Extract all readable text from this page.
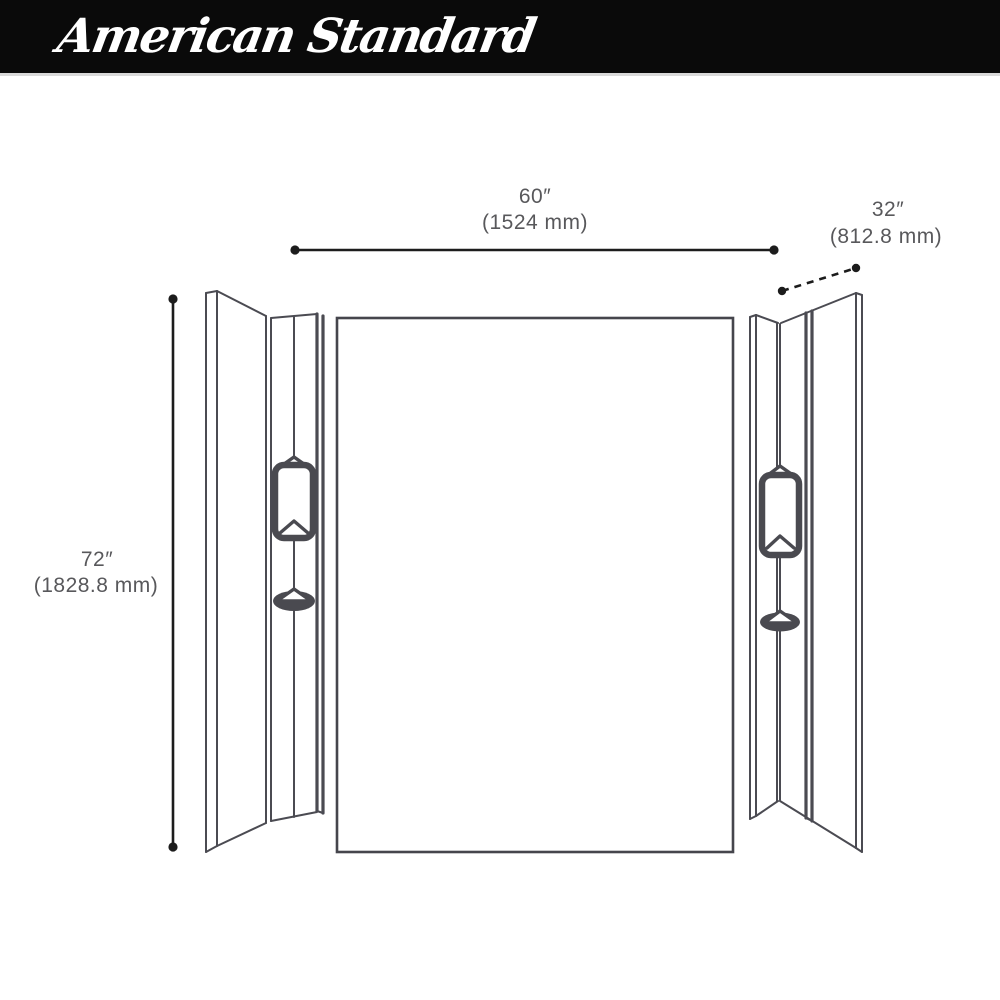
American Standard
60″
(1524 mm)
32″
(812.8 mm)
72″
(1828.8 mm)
